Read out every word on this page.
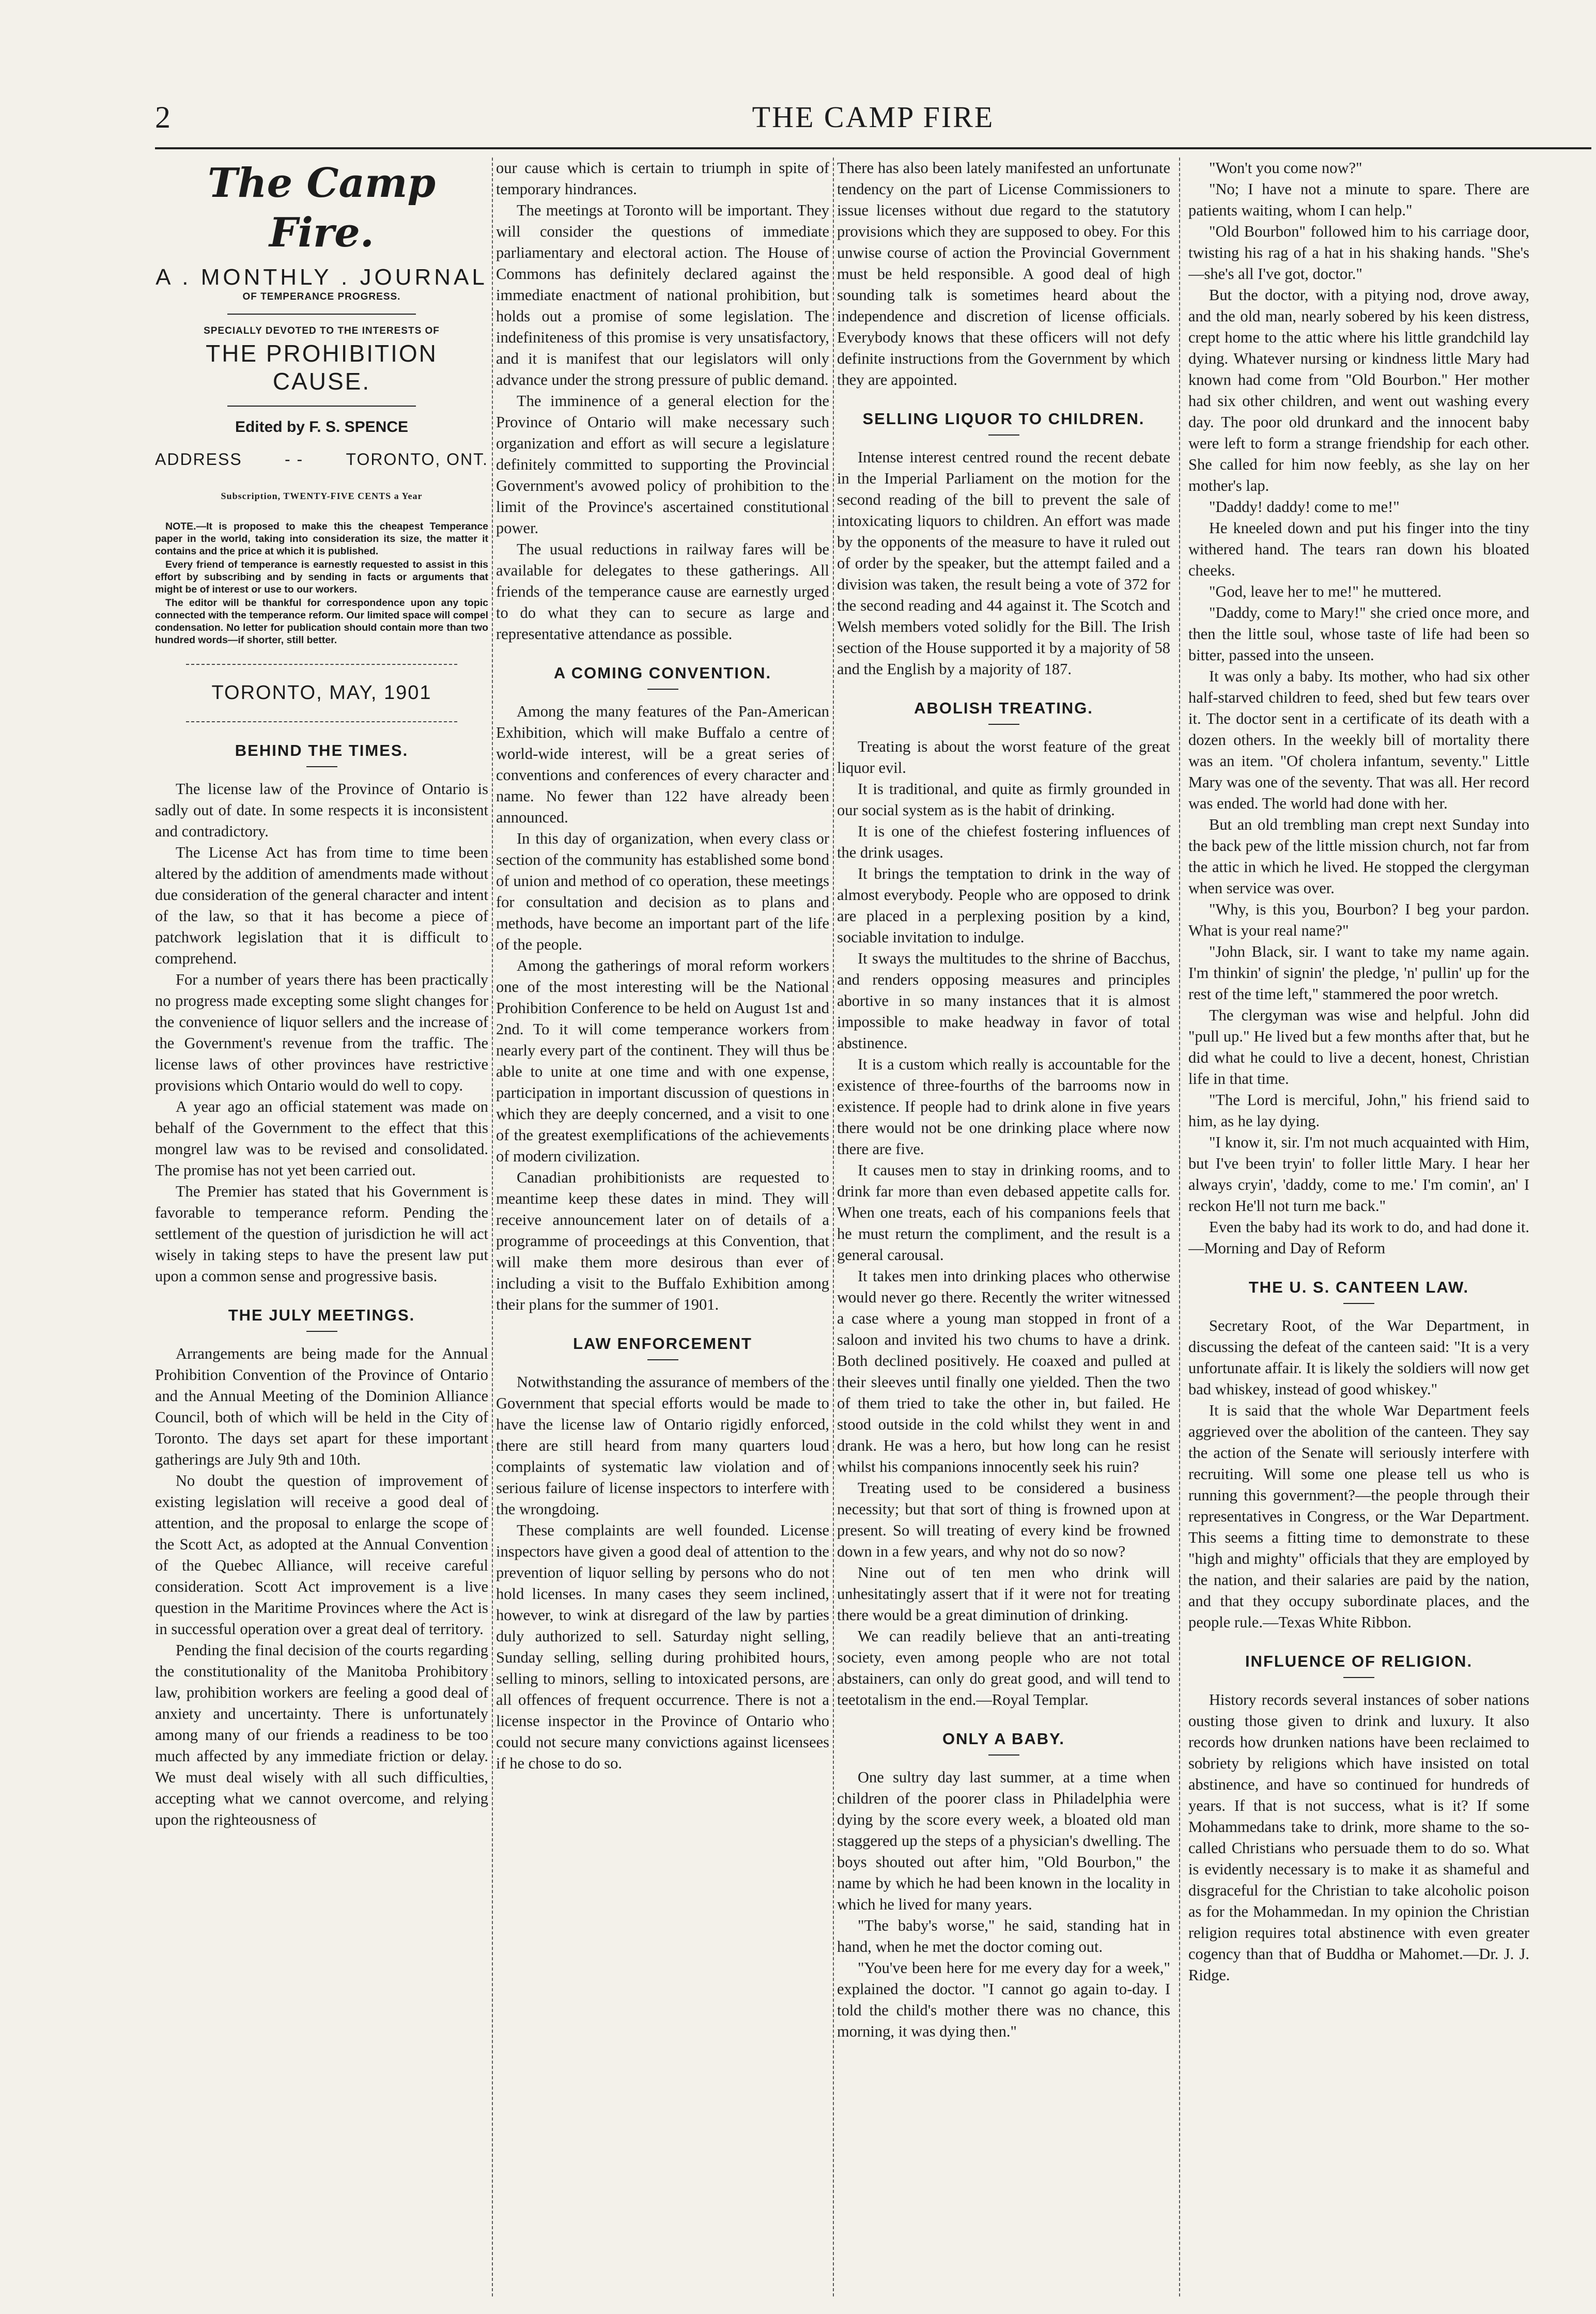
2	THE CAMP FIRE
The Camp Fire.
A . MONTHLY . JOURNAL
OF TEMPERANCE PROGRESS.
SPECIALLY DEVOTED TO THE INTERESTS OF
THE PROHIBITION CAUSE.
Edited by F. S. SPENCE
ADDRESS	- -	TORONTO, ONT.
Subscription, TWENTY-FIVE CENTS a Year

NOTE.—It is proposed to make this the cheapest Temperance paper in the world, taking into consideration its size, the matter it contains and the price at which it is published.

Every friend of temperance is earnestly requested to assist in this effort by subscribing and by sending in facts or arguments that might be of interest or use to our workers.

The editor will be thankful for correspondence upon any topic connected with the temperance reform. Our limited space will compel condensation. No letter for publication should contain more than two hundred words—if shorter, still better.

TORONTO, MAY, 1901
BEHIND THE TIMES.

The license law of the Province of Ontario is sadly out of date. In some respects it is inconsistent and contradictory.

The License Act has from time to time been altered by the addition of amendments made without due consideration of the general character and intent of the law, so that it has become a piece of patchwork legislation that it is difficult to comprehend.

For a number of years there has been practically no progress made excepting some slight changes for the convenience of liquor sellers and the increase of the Government's revenue from the traffic. The license laws of other provinces have restrictive provisions which Ontario would do well to copy.

A year ago an official statement was made on behalf of the Government to the effect that this mongrel law was to be revised and consolidated. The promise has not yet been carried out.

The Premier has stated that his Government is favorable to temperance reform. Pending the settlement of the question of jurisdiction he will act wisely in taking steps to have the present law put upon a common sense and progressive basis.

THE JULY MEETINGS.

Arrangements are being made for the Annual Prohibition Convention of the Province of Ontario and the Annual Meeting of the Dominion Alliance Council, both of which will be held in the City of Toronto. The days set apart for these important gatherings are July 9th and 10th.

No doubt the question of improvement of existing legislation will receive a good deal of attention, and the proposal to enlarge the scope of the Scott Act, as adopted at the Annual Convention of the Quebec Alliance, will receive careful consideration. Scott Act improvement is a live question in the Maritime Provinces where the Act is in successful operation over a great deal of territory.

Pending the final decision of the courts regarding the constitutionality of the Manitoba Prohibitory law, prohibition workers are feeling a good deal of anxiety and uncertainty. There is unfortunately among many of our friends a readiness to be too much affected by any immediate friction or delay. We must deal wisely with all such difficulties, accepting what we cannot overcome, and relying upon the righteousness of

our cause which is certain to triumph in spite of temporary hindrances.

The meetings at Toronto will be important. They will consider the questions of immediate parliamentary and electoral action. The House of Commons has definitely declared against the immediate enactment of national prohibition, but holds out a promise of some legislation. The indefiniteness of this promise is very unsatisfactory, and it is manifest that our legislators will only advance under the strong pressure of public demand.

The imminence of a general election for the Province of Ontario will make necessary such organization and effort as will secure a legislature definitely committed to supporting the Provincial Government's avowed policy of prohibition to the limit of the Province's ascertained constitutional power.

The usual reductions in railway fares will be available for delegates to these gatherings. All friends of the temperance cause are earnestly urged to do what they can to secure as large and representative attendance as possible.

A COMING CONVENTION.

Among the many features of the Pan-American Exhibition, which will make Buffalo a centre of world-wide interest, will be a great series of conventions and conferences of every character and name. No fewer than 122 have already been announced.

In this day of organization, when every class or section of the community has established some bond of union and method of co operation, these meetings for consultation and decision as to plans and methods, have become an important part of the life of the people.

Among the gatherings of moral reform workers one of the most interesting will be the National Prohibition Conference to be held on August 1st and 2nd. To it will come temperance workers from nearly every part of the continent. They will thus be able to unite at one time and with one expense, participation in important discussion of questions in which they are deeply concerned, and a visit to one of the greatest exemplifications of the achievements of modern civilization.

Canadian prohibitionists are requested to meantime keep these dates in mind. They will receive announcement later on of details of a programme of proceedings at this Convention, that will make them more desirous than ever of including a visit to the Buffalo Exhibition among their plans for the summer of 1901.

LAW ENFORCEMENT

Notwithstanding the assurance of members of the Government that special efforts would be made to have the license law of Ontario rigidly enforced, there are still heard from many quarters loud complaints of systematic law violation and of serious failure of license inspectors to interfere with the wrongdoing.

These complaints are well founded. License inspectors have given a good deal of attention to the prevention of liquor selling by persons who do not hold licenses. In many cases they seem inclined, however, to wink at disregard of the law by parties duly authorized to sell. Saturday night selling, Sunday selling, selling during prohibited hours, selling to minors, selling to intoxicated persons, are all offences of frequent occurrence. There is not a license inspector in the Province of Ontario who could not secure many convictions against licensees if he chose to do so.

There has also been lately manifested an unfortunate tendency on the part of License Commissioners to issue licenses without due regard to the statutory provisions which they are supposed to obey. For this unwise course of action the Provincial Government must be held responsible. A good deal of high sounding talk is sometimes heard about the independence and discretion of license officials. Everybody knows that these officers will not defy definite instructions from the Government by which they are appointed.

SELLING LIQUOR TO CHILDREN.

Intense interest centred round the recent debate in the Imperial Parliament on the motion for the second reading of the bill to prevent the sale of intoxicating liquors to children. An effort was made by the opponents of the measure to have it ruled out of order by the speaker, but the attempt failed and a division was taken, the result being a vote of 372 for the second reading and 44 against it. The Scotch and Welsh members voted solidly for the Bill. The Irish section of the House supported it by a majority of 58 and the English by a majority of 187.

ABOLISH TREATING.

Treating is about the worst feature of the great liquor evil.

It is traditional, and quite as firmly grounded in our social system as is the habit of drinking.

It is one of the chiefest fostering influences of the drink usages.

It brings the temptation to drink in the way of almost everybody. People who are opposed to drink are placed in a perplexing position by a kind, sociable invitation to indulge.

It sways the multitudes to the shrine of Bacchus, and renders opposing measures and principles abortive in so many instances that it is almost impossible to make headway in favor of total abstinence.

It is a custom which really is accountable for the existence of three-fourths of the barrooms now in existence. If people had to drink alone in five years there would not be one drinking place where now there are five.

It causes men to stay in drinking rooms, and to drink far more than even debased appetite calls for. When one treats, each of his companions feels that he must return the compliment, and the result is a general carousal.

It takes men into drinking places who otherwise would never go there. Recently the writer witnessed a case where a young man stopped in front of a saloon and invited his two chums to have a drink. Both declined positively. He coaxed and pulled at their sleeves until finally one yielded. Then the two of them tried to take the other in, but failed. He stood outside in the cold whilst they went in and drank. He was a hero, but how long can he resist whilst his companions innocently seek his ruin?

Treating used to be considered a business necessity; but that sort of thing is frowned upon at present. So will treating of every kind be frowned down in a few years, and why not do so now?

Nine out of ten men who drink will unhesitatingly assert that if it were not for treating there would be a great diminution of drinking.

We can readily believe that an anti-treating society, even among people who are not total abstainers, can only do great good, and will tend to teetotalism in the end.—Royal Templar.

ONLY A BABY.

One sultry day last summer, at a time when children of the poorer class in Philadelphia were dying by the score every week, a bloated old man staggered up the steps of a physician's dwelling. The boys shouted out after him, "Old Bourbon," the name by which he had been known in the locality in which he lived for many years.

"The baby's worse," he said, standing hat in hand, when he met the doctor coming out.

"You've been here for me every day for a week," explained the doctor. "I cannot go again to-day. I told the child's mother there was no chance, this morning, it was dying then."

"Won't you come now?"

"No; I have not a minute to spare. There are patients waiting, whom I can help."

"Old Bourbon" followed him to his carriage door, twisting his rag of a hat in his shaking hands. "She's—she's all I've got, doctor."

But the doctor, with a pitying nod, drove away, and the old man, nearly sobered by his keen distress, crept home to the attic where his little grandchild lay dying. Whatever nursing or kindness little Mary had known had come from "Old Bourbon." Her mother had six other children, and went out washing every day. The poor old drunkard and the innocent baby were left to form a strange friendship for each other. She called for him now feebly, as she lay on her mother's lap.

"Daddy! daddy! come to me!"

He kneeled down and put his finger into the tiny withered hand. The tears ran down his bloated cheeks.

"God, leave her to me!" he muttered.

"Daddy, come to Mary!" she cried once more, and then the little soul, whose taste of life had been so bitter, passed into the unseen.

It was only a baby. Its mother, who had six other half-starved children to feed, shed but few tears over it. The doctor sent in a certificate of its death with a dozen others. In the weekly bill of mortality there was an item. "Of cholera infantum, seventy." Little Mary was one of the seventy. That was all. Her record was ended. The world had done with her.

But an old trembling man crept next Sunday into the back pew of the little mission church, not far from the attic in which he lived. He stopped the clergyman when service was over.

"Why, is this you, Bourbon? I beg your pardon. What is your real name?"

"John Black, sir. I want to take my name again. I'm thinkin' of signin' the pledge, 'n' pullin' up for the rest of the time left," stammered the poor wretch.

The clergyman was wise and helpful. John did "pull up." He lived but a few months after that, but he did what he could to live a decent, honest, Christian life in that time.

"The Lord is merciful, John," his friend said to him, as he lay dying.

"I know it, sir. I'm not much acquainted with Him, but I've been tryin' to foller little Mary. I hear her always cryin', 'daddy, come to me.' I'm comin', an' I reckon He'll not turn me back."

Even the baby had its work to do, and had done it.—Morning and Day of Reform

THE U. S. CANTEEN LAW.

Secretary Root, of the War Department, in discussing the defeat of the canteen said: "It is a very unfortunate affair. It is likely the soldiers will now get bad whiskey, instead of good whiskey."

It is said that the whole War Department feels aggrieved over the abolition of the canteen. They say the action of the Senate will seriously interfere with recruiting. Will some one please tell us who is running this government?—the people through their representatives in Congress, or the War Department. This seems a fitting time to demonstrate to these "high and mighty" officials that they are employed by the nation, and their salaries are paid by the nation, and that they occupy subordinate places, and the people rule.—Texas White Ribbon.

INFLUENCE OF RELIGION.

History records several instances of sober nations ousting those given to drink and luxury. It also records how drunken nations have been reclaimed to sobriety by religions which have insisted on total abstinence, and have so continued for hundreds of years. If that is not success, what is it? If some Mohammedans take to drink, more shame to the so-called Christians who persuade them to do so. What is evidently necessary is to make it as shameful and disgraceful for the Christian to take alcoholic poison as for the Mohammedan. In my opinion the Christian religion requires total abstinence with even greater cogency than that of Buddha or Mahomet.—Dr. J. J. Ridge.
